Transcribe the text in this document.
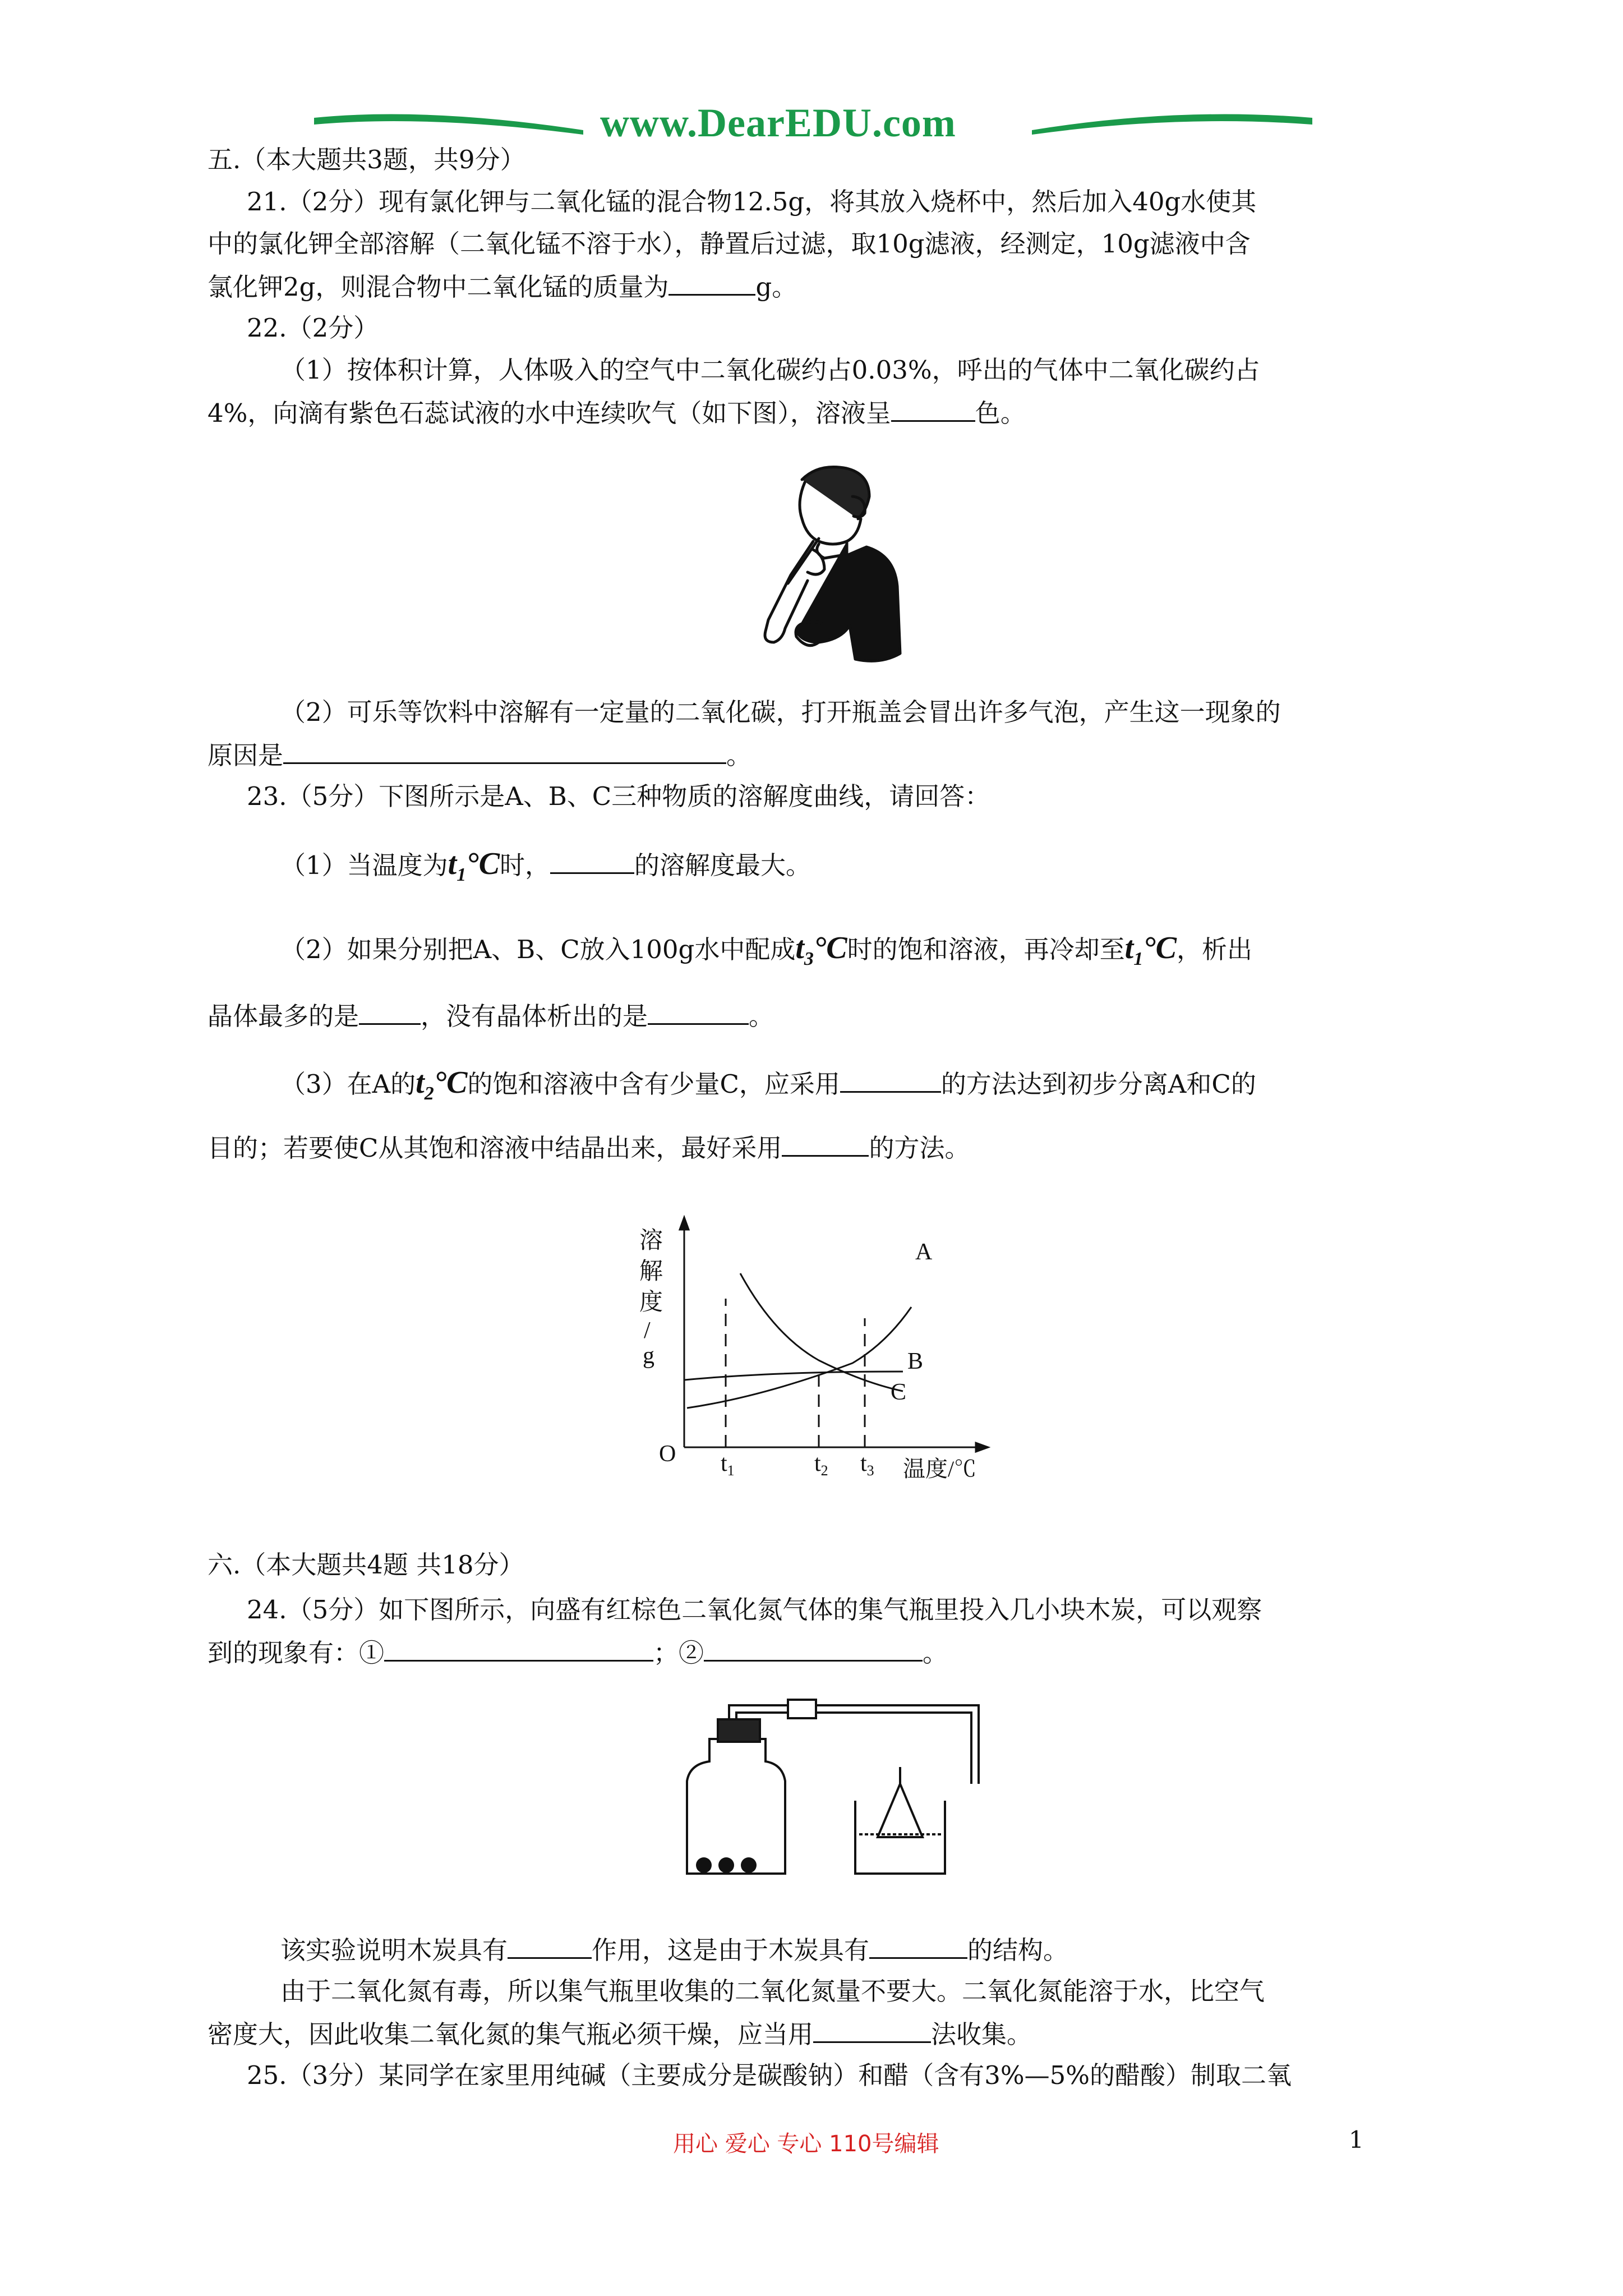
www.DearEDU.com
五.（本大题共3题，共9分）
21.（2分）现有氯化钾与二氧化锰的混合物12.5g，将其放入烧杯中，然后加入40g水使其
中的氯化钾全部溶解（二氧化锰不溶于水），静置后过滤，取10g滤液，经测定，10g滤液中含
氯化钾2g，则混合物中二氧化锰的质量为	g。
22.（2分）
（1）按体积计算，人体吸入的空气中二氧化碳约占0.03%，呼出的气体中二氧化碳约占
4%，向滴有紫色石蕊试液的水中连续吹气（如下图），溶液呈	色。
（2）可乐等饮料中溶解有一定量的二氧化碳，打开瓶盖会冒出许多气泡，产生这一现象的
原因是	。
23.（5分）下图所示是A、B、C三种物质的溶解度曲线，请回答：
（1）当温度为$t_1^\circ C$时，	的溶解度最大。
（2）如果分别把A、B、C放入100g水中配成$t_3^\circ C$时的饱和溶液，再冷却至$t_1^\circ C$，析出
晶体最多的是 ，没有晶体析出的是	。
（3）在A的$t_2^\circ C$的饱和溶液中含有少量C，应采用	的方法达到初步分离A和C的
目的；若要使C从其饱和溶液中结晶出来，最好采用	的方法。
溶
解
度
/
g
O t1	t2 t3 温度/℃
A
B
C
六.（本大题共4题 共18分）
24.（5分）如下图所示，向盛有红棕色二氧化氮气体的集气瓶里投入几小块木炭，可以观察
到的现象有：①	；②	。
该实验说明木炭具有	作用，这是由于木炭具有	的结构。
由于二氧化氮有毒，所以集气瓶里收集的二氧化氮量不要大。二氧化氮能溶于水，比空气
密度大，因此收集二氧化氮的集气瓶必须干燥，应当用	法收集。
25.（3分）某同学在家里用纯碱（主要成分是碳酸钠）和醋（含有3%—5%的醋酸）制取二氧
用心 爱心 专心 110号编辑	1
